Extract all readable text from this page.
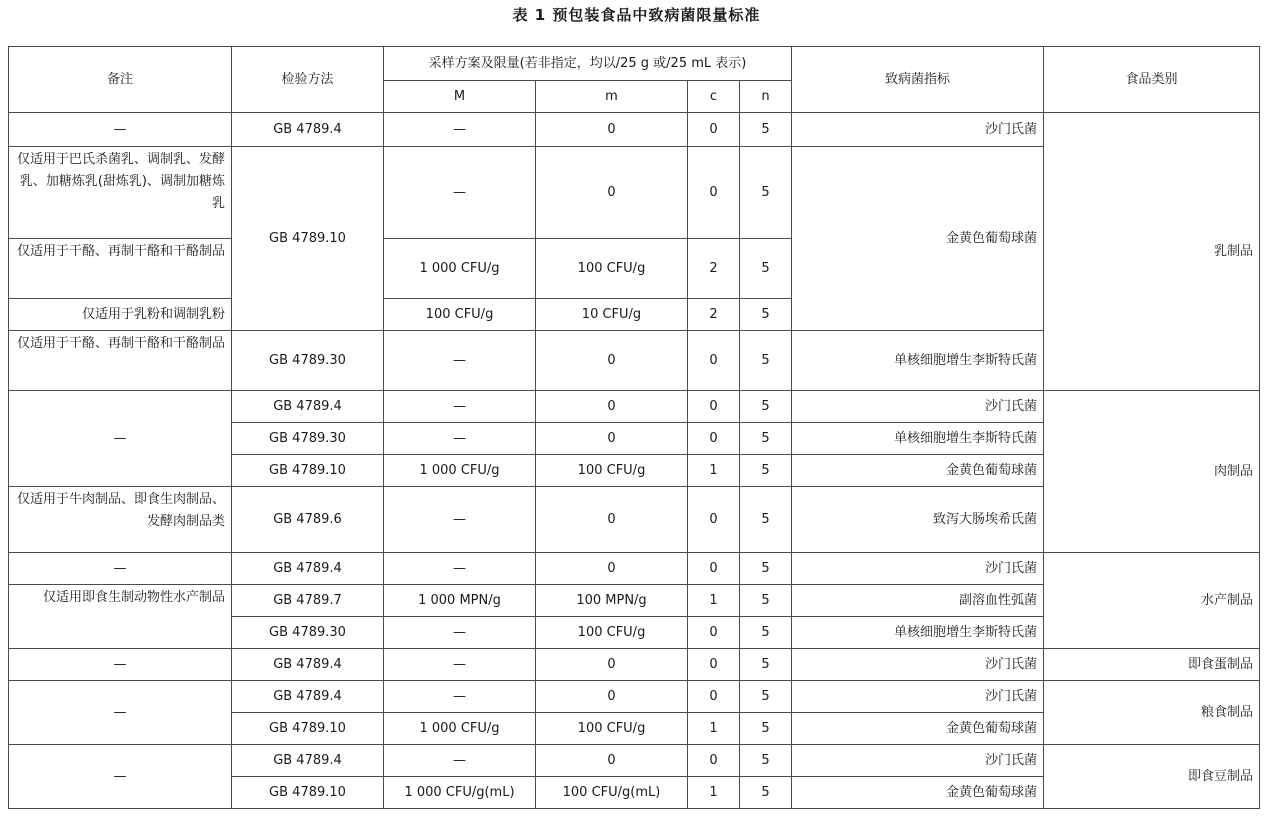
表 1 预包装食品中致病菌限量标准
备注	检验方法	采样方案及限量(若非指定，均以/25 g 或/25 mL 表示)				致病菌指标	食品类别
		M	m	c	n		
—	GB 4789.4	—	0	0	5	沙门氏菌	乳制品
仅适用于巴氏杀菌乳、调制乳、发酵乳、加糖炼乳(甜炼乳)、调制加糖炼乳	GB 4789.10	—	0	0	5	金黄色葡萄球菌	
仅适用于干酪、再制干酪和干酪制品		1 000 CFU/g	100 CFU/g	2	5		
仅适用于乳粉和调制乳粉		100 CFU/g	10 CFU/g	2	5		
仅适用于干酪、再制干酪和干酪制品	GB 4789.30	—	0	0	5	单核细胞增生李斯特氏菌	
—	GB 4789.4	—	0	0	5	沙门氏菌	肉制品
	GB 4789.30	—	0	0	5	单核细胞增生李斯特氏菌	
	GB 4789.10	1 000 CFU/g	100 CFU/g	1	5	金黄色葡萄球菌	
仅适用于牛肉制品、即食生肉制品、发酵肉制品类	GB 4789.6	—	0	0	5	致泻大肠埃希氏菌	
—	GB 4789.4	—	0	0	5	沙门氏菌	水产制品
仅适用即食生制动物性水产制品	GB 4789.7	1 000 MPN/g	100 MPN/g	1	5	副溶血性弧菌	
	GB 4789.30	—	100 CFU/g	0	5	单核细胞增生李斯特氏菌	
—	GB 4789.4	—	0	0	5	沙门氏菌	即食蛋制品
—	GB 4789.4	—	0	0	5	沙门氏菌	粮食制品
	GB 4789.10	1 000 CFU/g	100 CFU/g	1	5	金黄色葡萄球菌	
—	GB 4789.4	—	0	0	5	沙门氏菌	即食豆制品
	GB 4789.10	1 000 CFU/g(mL)	100 CFU/g(mL)	1	5	金黄色葡萄球菌	
